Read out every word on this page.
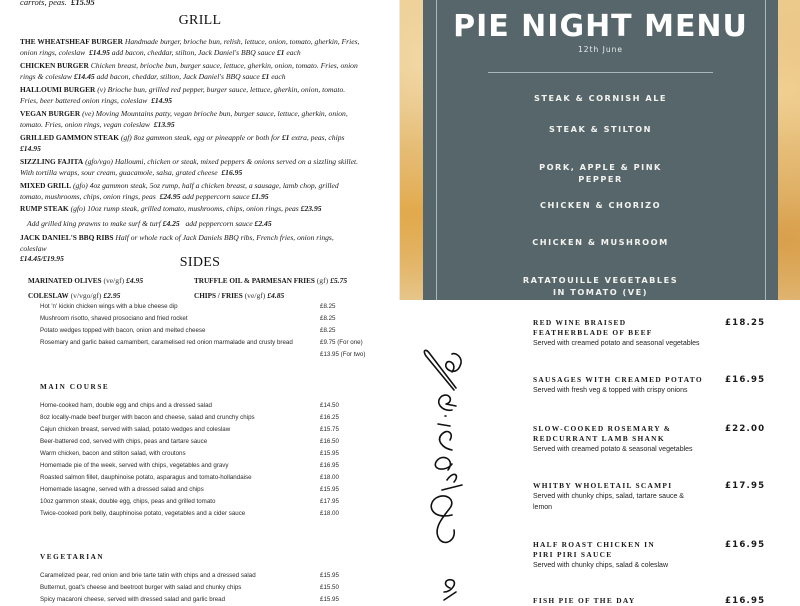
carrots, peas. £15.95
GRILL
THE WHEATSHEAF BURGER Handmade burger, brioche bun, relish, lettuce, onion, tomato, gherkin, Fries, onion rings, coleslaw £14.95 add bacon, cheddar, stilton, Jack Daniel's BBQ sauce £1 each
CHICKEN BURGER Chicken breast, brioche bun, burger sauce, lettuce, gherkin, onion, tomato. Fries, onion rings & coleslaw £14.45 add bacon, cheddar, stilton, Jack Daniel's BBQ sauce £1 each
HALLOUMI BURGER (v) Brioche bun, grilled red pepper, burger sauce, lettuce, gherkin, onion, tomato. Fries, beer battered onion rings, coleslaw £14.95
VEGAN BURGER (ve) Moving Mountains patty, vegan brioche bun, burger sauce, lettuce, gherkin, onion, tomato. Fries, onion rings, vegan coleslaw £13.95
GRILLED GAMMON STEAK (gf) 8oz gammon steak, egg or pineapple or both for £1 extra, peas, chips
£14.95
SIZZLING FAJITA (gfo/vgo) Halloumi, chicken or steak, mixed peppers & onions served on a sizzling skillet. With tortilla wraps, sour cream, guacamole, salsa, grated cheese £16.95
MIXED GRILL (gfo) 4oz gammon steak, 5oz rump, half a chicken breast, a sausage, lamb chop, grilled tomato, mushrooms, chips, onion rings, peas £24.95 add peppercorn sauce £1.95
RUMP STEAK (gfo) 10oz rump steak, grilled tomato, mushrooms, chips, onion rings, peas £23.95
Add grilled king prawns to make surf & turf £4.25 add peppercorn sauce £2.45
JACK DANIEL'S BBQ RIBS Half or whole rack of Jack Daniels BBQ ribs, French fries, onion rings, coleslaw
£14.45/£19.95	SIDES
MARINATED OLIVES (ve/gf) £4.95	TRUFFLE OIL & PARMESAN FRIES (gf) £5.75
COLESLAW (v/vgo/gf) £2.95	CHIPS / FRIES (ve/gf) £4.85
PIE NIGHT MENU
12th June
STEAK & CORNISH ALE
STEAK & STILTON
PORK, APPLE & PINK
PEPPER
CHICKEN & CHORIZO
CHICKEN & MUSHROOM
RATATOUILLE VEGETABLES
IN TOMATO (VE)
Hot 'n' kickin chicken wings with a blue cheese dip	£8.25
Mushroom risotto, shaved prosociano and fried rocket	£8.25
Potato wedges topped with bacon, onion and melted cheese	£8.25
Rosemary and garlic baked camambert, caramelised red onion marmalade and crusty bread	£9.75 (For one)
£13.95 (For two)
MAIN COURSE
Home-cooked ham, double egg and chips and a dressed salad	£14.50
8oz locally-made beef burger with bacon and cheese, salad and crunchy chips	£16.25
Cajun chicken breast, served with salad, potato wedges and coleslaw	£15.75
Beer-battered cod, served with chips, peas and tartare sauce	£16.50
Warm chicken, bacon and stilton salad, with croutons	£15.95
Homemade pie of the week, served with chips, vegetables and gravy	£16.95
Roasted salmon fillet, dauphinoise potato, asparagus and tomato-hollandaise	£18.00
Homemade lasagne, served with a dressed salad and chips	£15.95
10oz gammon steak, double egg, chips, peas and grilled tomato	£17.95
Twice-cooked pork belly, dauphinoise potato, vegetables and a cider sauce	£18.00
VEGETARIAN
Caramelized pear, red onion and brie tarte tatin with chips and a dressed salad	£15.95
Butternut, goat's cheese and beetroot burger with salad and chunky chips	£15.50
Spicy macaroni cheese, served with dressed salad and garlic bread	£15.95
RED WINE BRAISED
FEATHERBLADE OF BEEF
Served with creamed potato and seasonal vegetables
£18.25
SAUSAGES WITH CREAMED POTATO
Served with fresh veg & topped with crispy onions
£16.95
SLOW-COOKED ROSEMARY &
REDCURRANT LAMB SHANK
Served with creamed potato & seasonal vegetables
£22.00
WHITBY WHOLETAIL SCAMPI
Served with chunky chips, salad, tartare sauce &
lemon
£17.95
HALF ROAST CHICKEN IN
PIRI PIRI SAUCE
Served with chunky chips, salad & coleslaw
£16.95
FISH PIE OF THE DAY	£16.95
